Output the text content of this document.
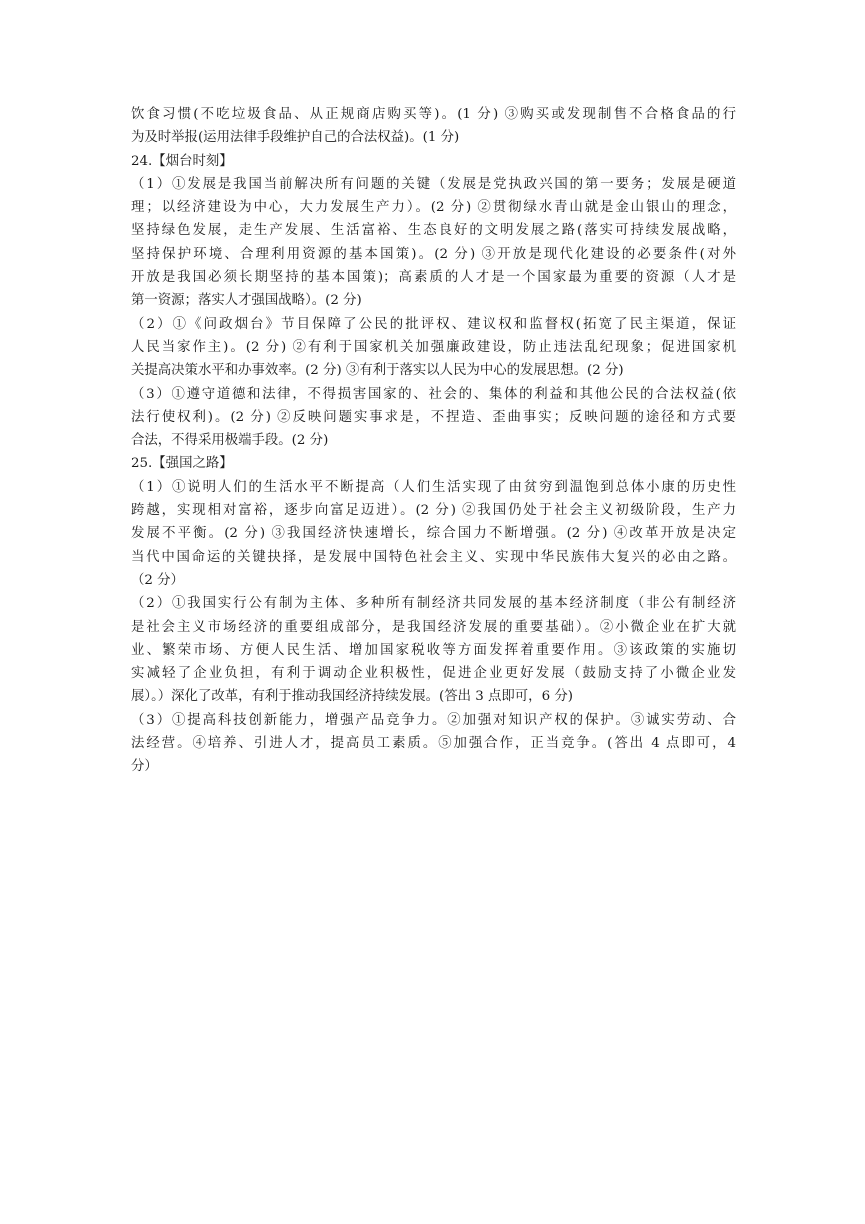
饮食习惯(不吃垃圾食品、从正规商店购买等)。(1 分) ③购买或发现制售不合格食品的行
为及时举报(运用法律手段维护自己的合法权益)。(1 分)
24.【烟台时刻】
（1）①发展是我国当前解决所有问题的关键（发展是党执政兴国的第一要务；发展是硬道
理；以经济建设为中心，大力发展生产力）。(2 分) ②贯彻绿水青山就是金山银山的理念，
坚持绿色发展，走生产发展、生活富裕、生态良好的文明发展之路(落实可持续发展战略，
坚持保护环境、合理利用资源的基本国策)。(2 分) ③开放是现代化建设的必要条件(对外
开放是我国必须长期坚持的基本国策)；高素质的人才是一个国家最为重要的资源（人才是
第一资源；落实人才强国战略）。(2 分)
（2）①《问政烟台》节目保障了公民的批评权、建议权和监督权(拓宽了民主渠道，保证
人民当家作主)。(2 分) ②有利于国家机关加强廉政建设，防止违法乱纪现象；促进国家机
关提高决策水平和办事效率。(2 分) ③有利于落实以人民为中心的发展思想。(2 分)
（3）①遵守道德和法律，不得损害国家的、社会的、集体的利益和其他公民的合法权益(依
法行使权利)。(2 分) ②反映问题实事求是，不捏造、歪曲事实；反映问题的途径和方式要
合法，不得采用极端手段。(2 分)
25.【强国之路】
（1）①说明人们的生活水平不断提高（人们生活实现了由贫穷到温饱到总体小康的历史性
跨越，实现相对富裕，逐步向富足迈进）。(2 分) ②我国仍处于社会主义初级阶段，生产力
发展不平衡。(2 分) ③我国经济快速增长，综合国力不断增强。(2 分) ④改革开放是决定
当代中国命运的关键抉择，是发展中国特色社会主义、实现中华民族伟大复兴的必由之路。
（2 分）
（2）①我国实行公有制为主体、多种所有制经济共同发展的基本经济制度（非公有制经济
是社会主义市场经济的重要组成部分，是我国经济发展的重要基础）。②小微企业在扩大就
业、繁荣市场、方便人民生活、增加国家税收等方面发挥着重要作用。③该政策的实施切
实减轻了企业负担，有利于调动企业积极性，促进企业更好发展（鼓励支持了小微企业发
展）。）深化了改革，有利于推动我国经济持续发展。(答出 3 点即可，6 分)
（3）①提高科技创新能力，增强产品竞争力。②加强对知识产权的保护。③诚实劳动、合
法经营。④培养、引进人才，提高员工素质。⑤加强合作，正当竞争。(答出 4 点即可，4
分）
